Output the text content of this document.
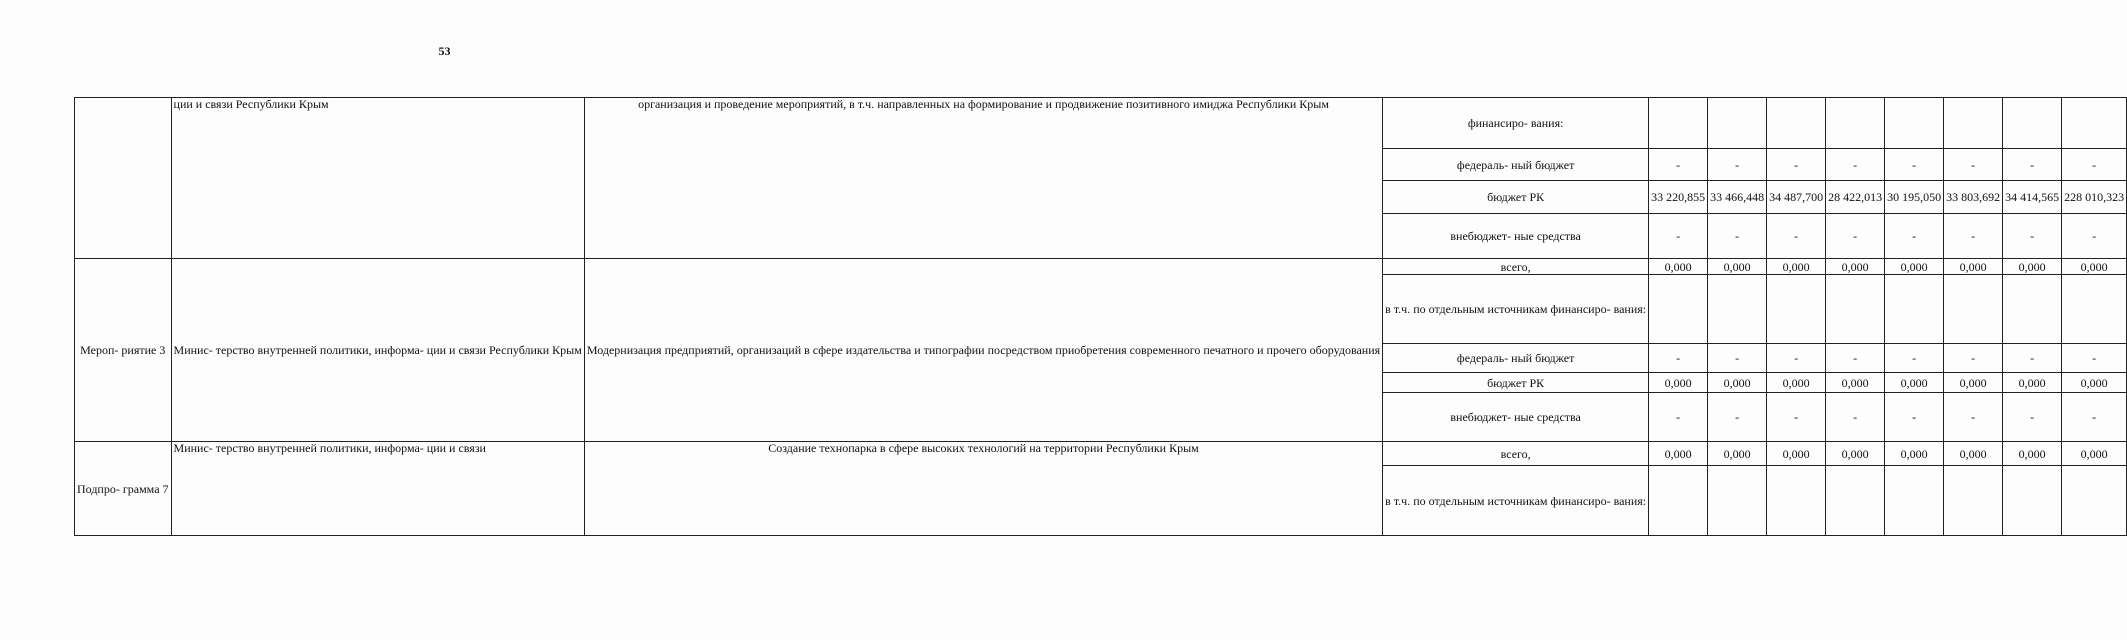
53
	ции и связи Республики Крым	организация и проведение мероприятий, в т.ч. направленных на формирование и продвижение позитивного имиджа Республики Крым	финансиро- вания:								
			федераль- ный бюджет	-	-	-	-	-	-	-	-
			бюджет РК	33 220,855	33 466,448	34 487,700	28 422,013	30 195,050	33 803,692	34 414,565	228 010,323
			внебюджет- ные средства	-	-	-	-	-	-	-	-
Мероп- риятие 3	Минис- терство внутренней политики, информа- ции и связи Республики Крым	Модернизация предприятий, организаций в сфере издательства и типографии посредством приобретения современного печатного и прочего оборудования	всего,	0,000	0,000	0,000	0,000	0,000	0,000	0,000	0,000
			в т.ч. по отдельным источникам финансиро- вания:								
			федераль- ный бюджет	-	-	-	-	-	-	-	-
			бюджет РК	0,000	0,000	0,000	0,000	0,000	0,000	0,000	0,000
			внебюджет- ные средства	-	-	-	-	-	-	-	-
Подпро- грамма 7	Минис- терство внутренней политики, информа- ции и связи	Создание технопарка в сфере высоких технологий на территории Республики Крым	всего,	0,000	0,000	0,000	0,000	0,000	0,000	0,000	0,000
			в т.ч. по отдельным источникам финансиро- вания:								
